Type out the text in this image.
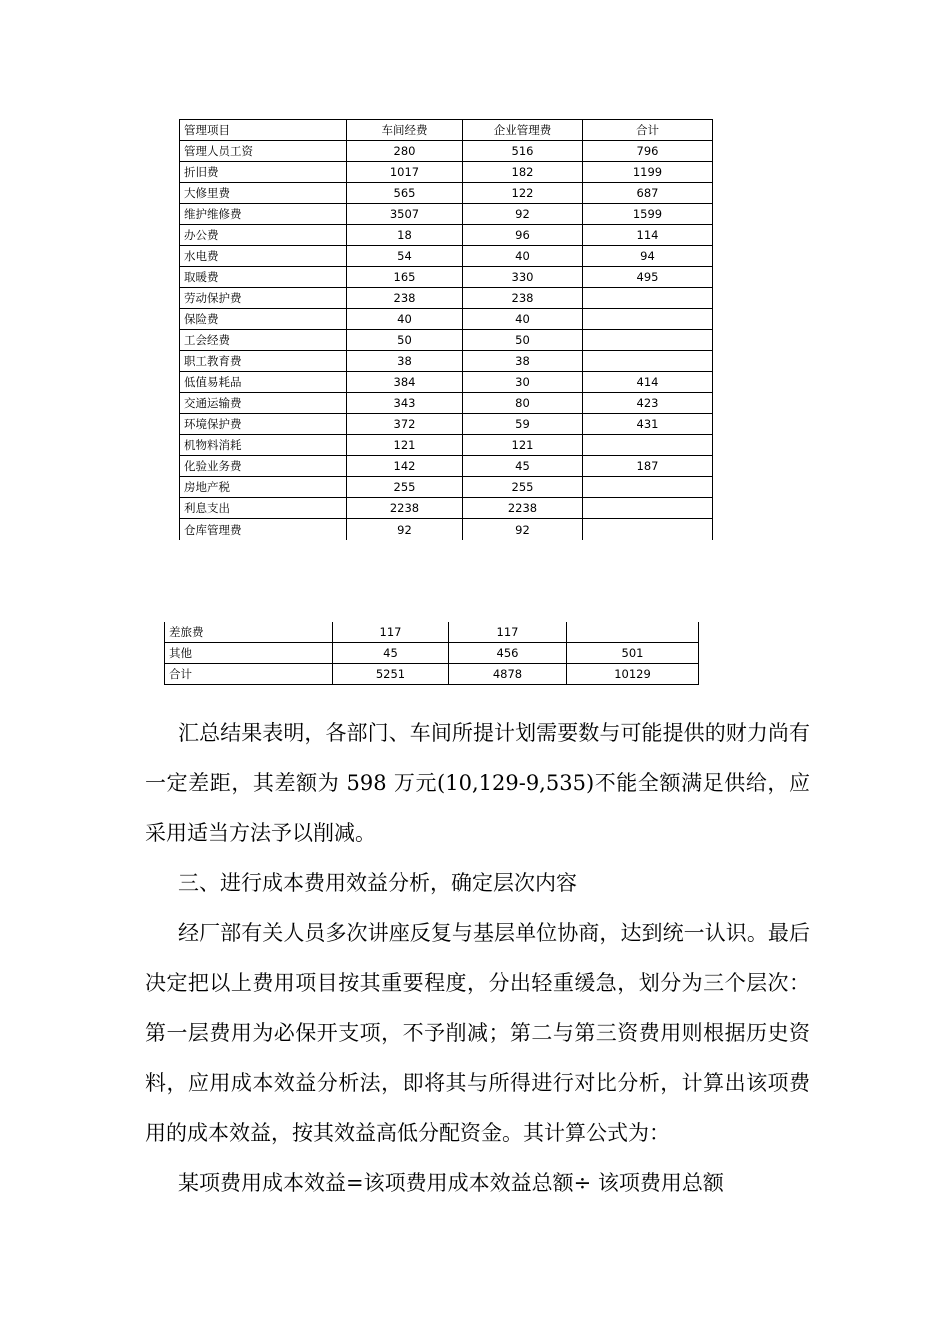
管理项目	车间经费	企业管理费	合计
管理人员工资	280	516	796
折旧费	1017	182	1199
大修里费	565	122	687
维护维修费	3507	92	1599
办公费	18	96	114
水电费	54	40	94
取暖费	165	330	495
劳动保护费	238	238	
保险费	40	40	
工会经费	50	50	
职工教育费	38	38	
低值易耗品	384	30	414
交通运输费	343	80	423
环境保护费	372	59	431
机物料消耗	121	121	
化验业务费	142	45	187
房地产税	255	255	
利息支出	2238	2238	
仓库管理费	92	92	
差旅费	117	117	
其他	45	456	501
合计	5251	4878	10129

汇总结果表明，各部门、车间所提计划需要数与可能提供的财力尚有一定差距，其差额为 598 万元(10,129-9,535)不能全额满足供给，应采用适当方法予以削减。

三、进行成本费用效益分析，确定层次内容

经厂部有关人员多次讲座反复与基层单位协商，达到统一认识。最后决定把以上费用项目按其重要程度，分出轻重缓急，划分为三个层次：第一层费用为必保开支项，不予削减；第二与第三资费用则根据历史资料，应用成本效益分析法，即将其与所得进行对比分析，计算出该项费用的成本效益，按其效益高低分配资金。其计算公式为：

某项费用成本效益=该项费用成本效益总额÷ 该项费用总额
